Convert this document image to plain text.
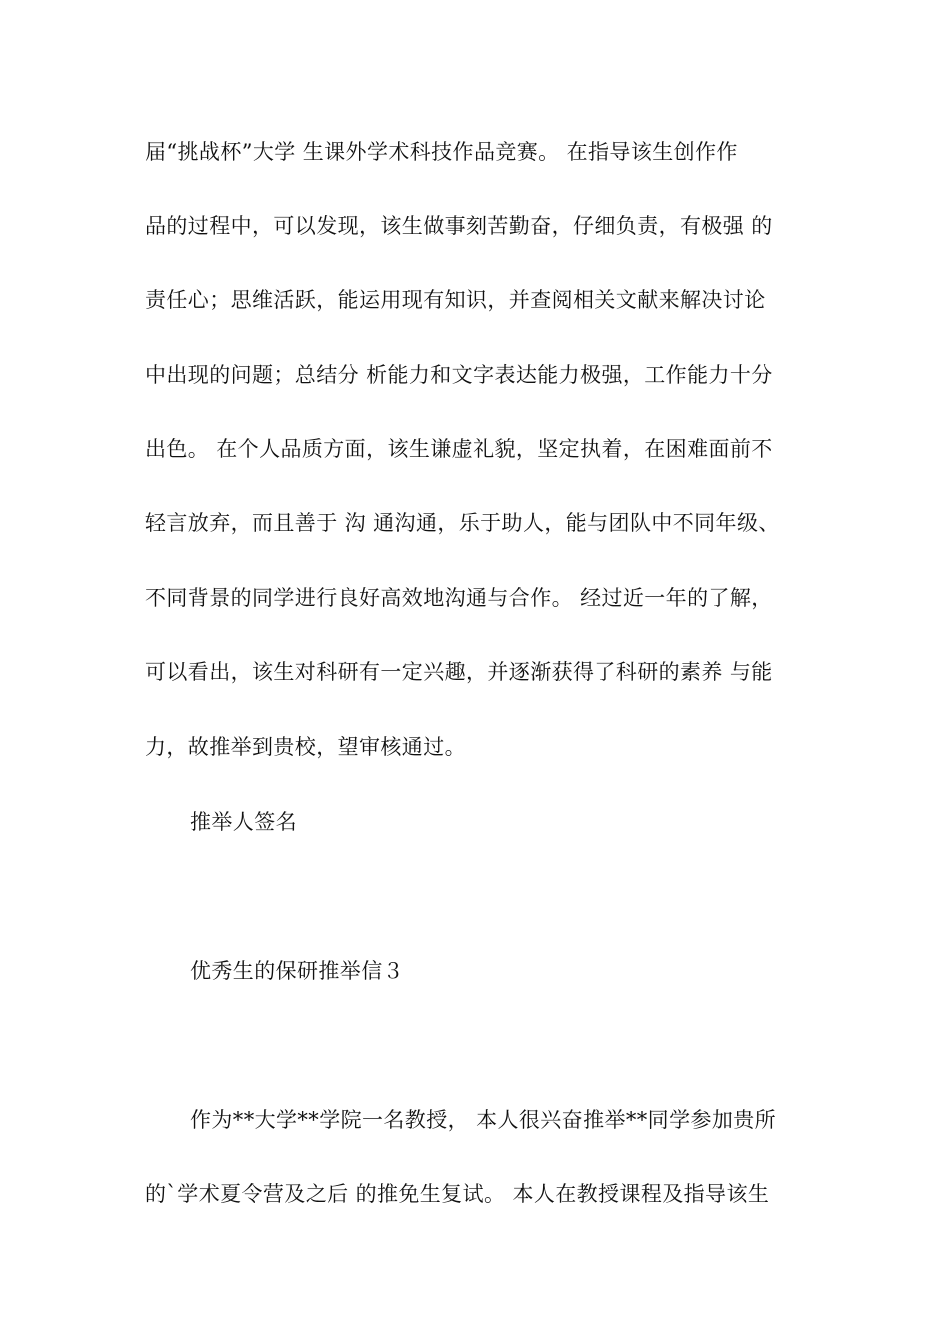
届“挑战杯”大学 生课外学术科技作品竞赛。 在指导该生创作作
品的过程中，可以发现，该生做事刻苦勤奋，仔细负责，有极强 的
责任心；思维活跃，能运用现有知识，并查阅相关文献来解决讨论
中出现的问题；总结分 析能力和文字表达能力极强，工作能力十分
出色。 在个人品质方面，该生谦虚礼貌，坚定执着，在困难面前不
轻言放弃，而且善于 沟 通沟通，乐于助人，能与团队中不同年级、
不同背景的同学进行良好高效地沟通与合作。 经过近一年的了解，
可以看出，该生对科研有一定兴趣，并逐渐获得了科研的素养 与能
力，故推举到贵校，望审核通过。
推举人签名
优秀生的保研推举信３
作为**大学**学院一名教授， 本人很兴奋推举**同学参加贵所
的`学术夏令营及之后 的推免生复试。 本人在教授课程及指导该生
